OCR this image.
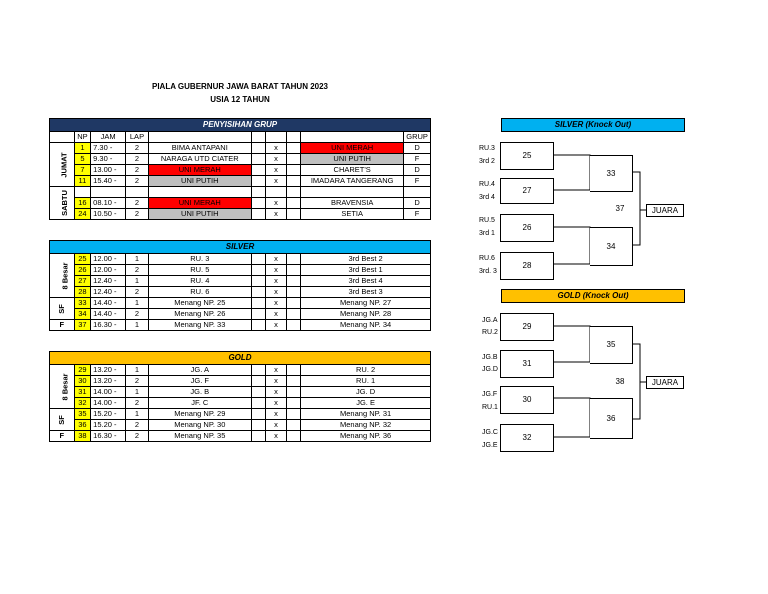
PIALA GUBERNUR JAWA BARAT TAHUN 2023
USIA 12 TAHUN
PENYISIHAN GRUP
	NP	JAM	LAP						GRUP
JUMAT	1	7.30 -	2	BIMA ANTAPANI		x		UNI MERAH	D
	5	9.30 -	2	NARAGA UTD CIATER		x		UNI PUTIH	F
	7	13.00 -	2	UNI MERAH		x		CHARET'S	D
	11	15.40 -	2	UNI PUTIH		x		IMADARA TANGERANG	F
SABTU									
	16	08.10 -	2	UNI MERAH		x		BRAVENSIA	D
	24	10.50 -	2	UNI PUTIH		x		SETIA	F
SILVER
8 Besar	25	12.00 -	1	RU. 3		x		3rd Best 2
	26	12.00 -	2	RU. 5		x		3rd Best 1
	27	12.40 -	1	RU. 4		x		3rd Best 4
	28	12.40 -	2	RU. 6		x		3rd Best 3
SF	33	14.40 -	1	Menang NP. 25		x		Menang NP. 27
	34	14.40 -	2	Menang NP. 26		x		Menang NP. 28
F	37	16.30 -	1	Menang NP. 33		x		Menang NP. 34
GOLD
8 Besar	29	13.20 -	1	JG. A		x		RU. 2
	30	13.20 -	2	JG. F		x		RU. 1
	31	14.00 -	1	JG. B		x		JG. D
	32	14.00 -	2	JF. C		x		JG. E
SF	35	15.20 -	1	Menang NP. 29		x		Menang NP. 31
	36	15.20 -	2	Menang NP. 30		x		Menang NP. 32
F	38	16.30 -	2	Menang NP. 35		x		Menang NP. 36
SILVER (Knock Out)
RU.3
3rd 2
RU.4
3rd 4
RU.5
3rd 1
RU.6
3rd. 3
25
27
26
28
33
34
37	JUARA
GOLD (Knock Out)
JG.A
RU.2
JG.B
JG.D
JG.F
RU.1
JG.C
JG.E
29
31
30
32
35
36
38	JUARA
